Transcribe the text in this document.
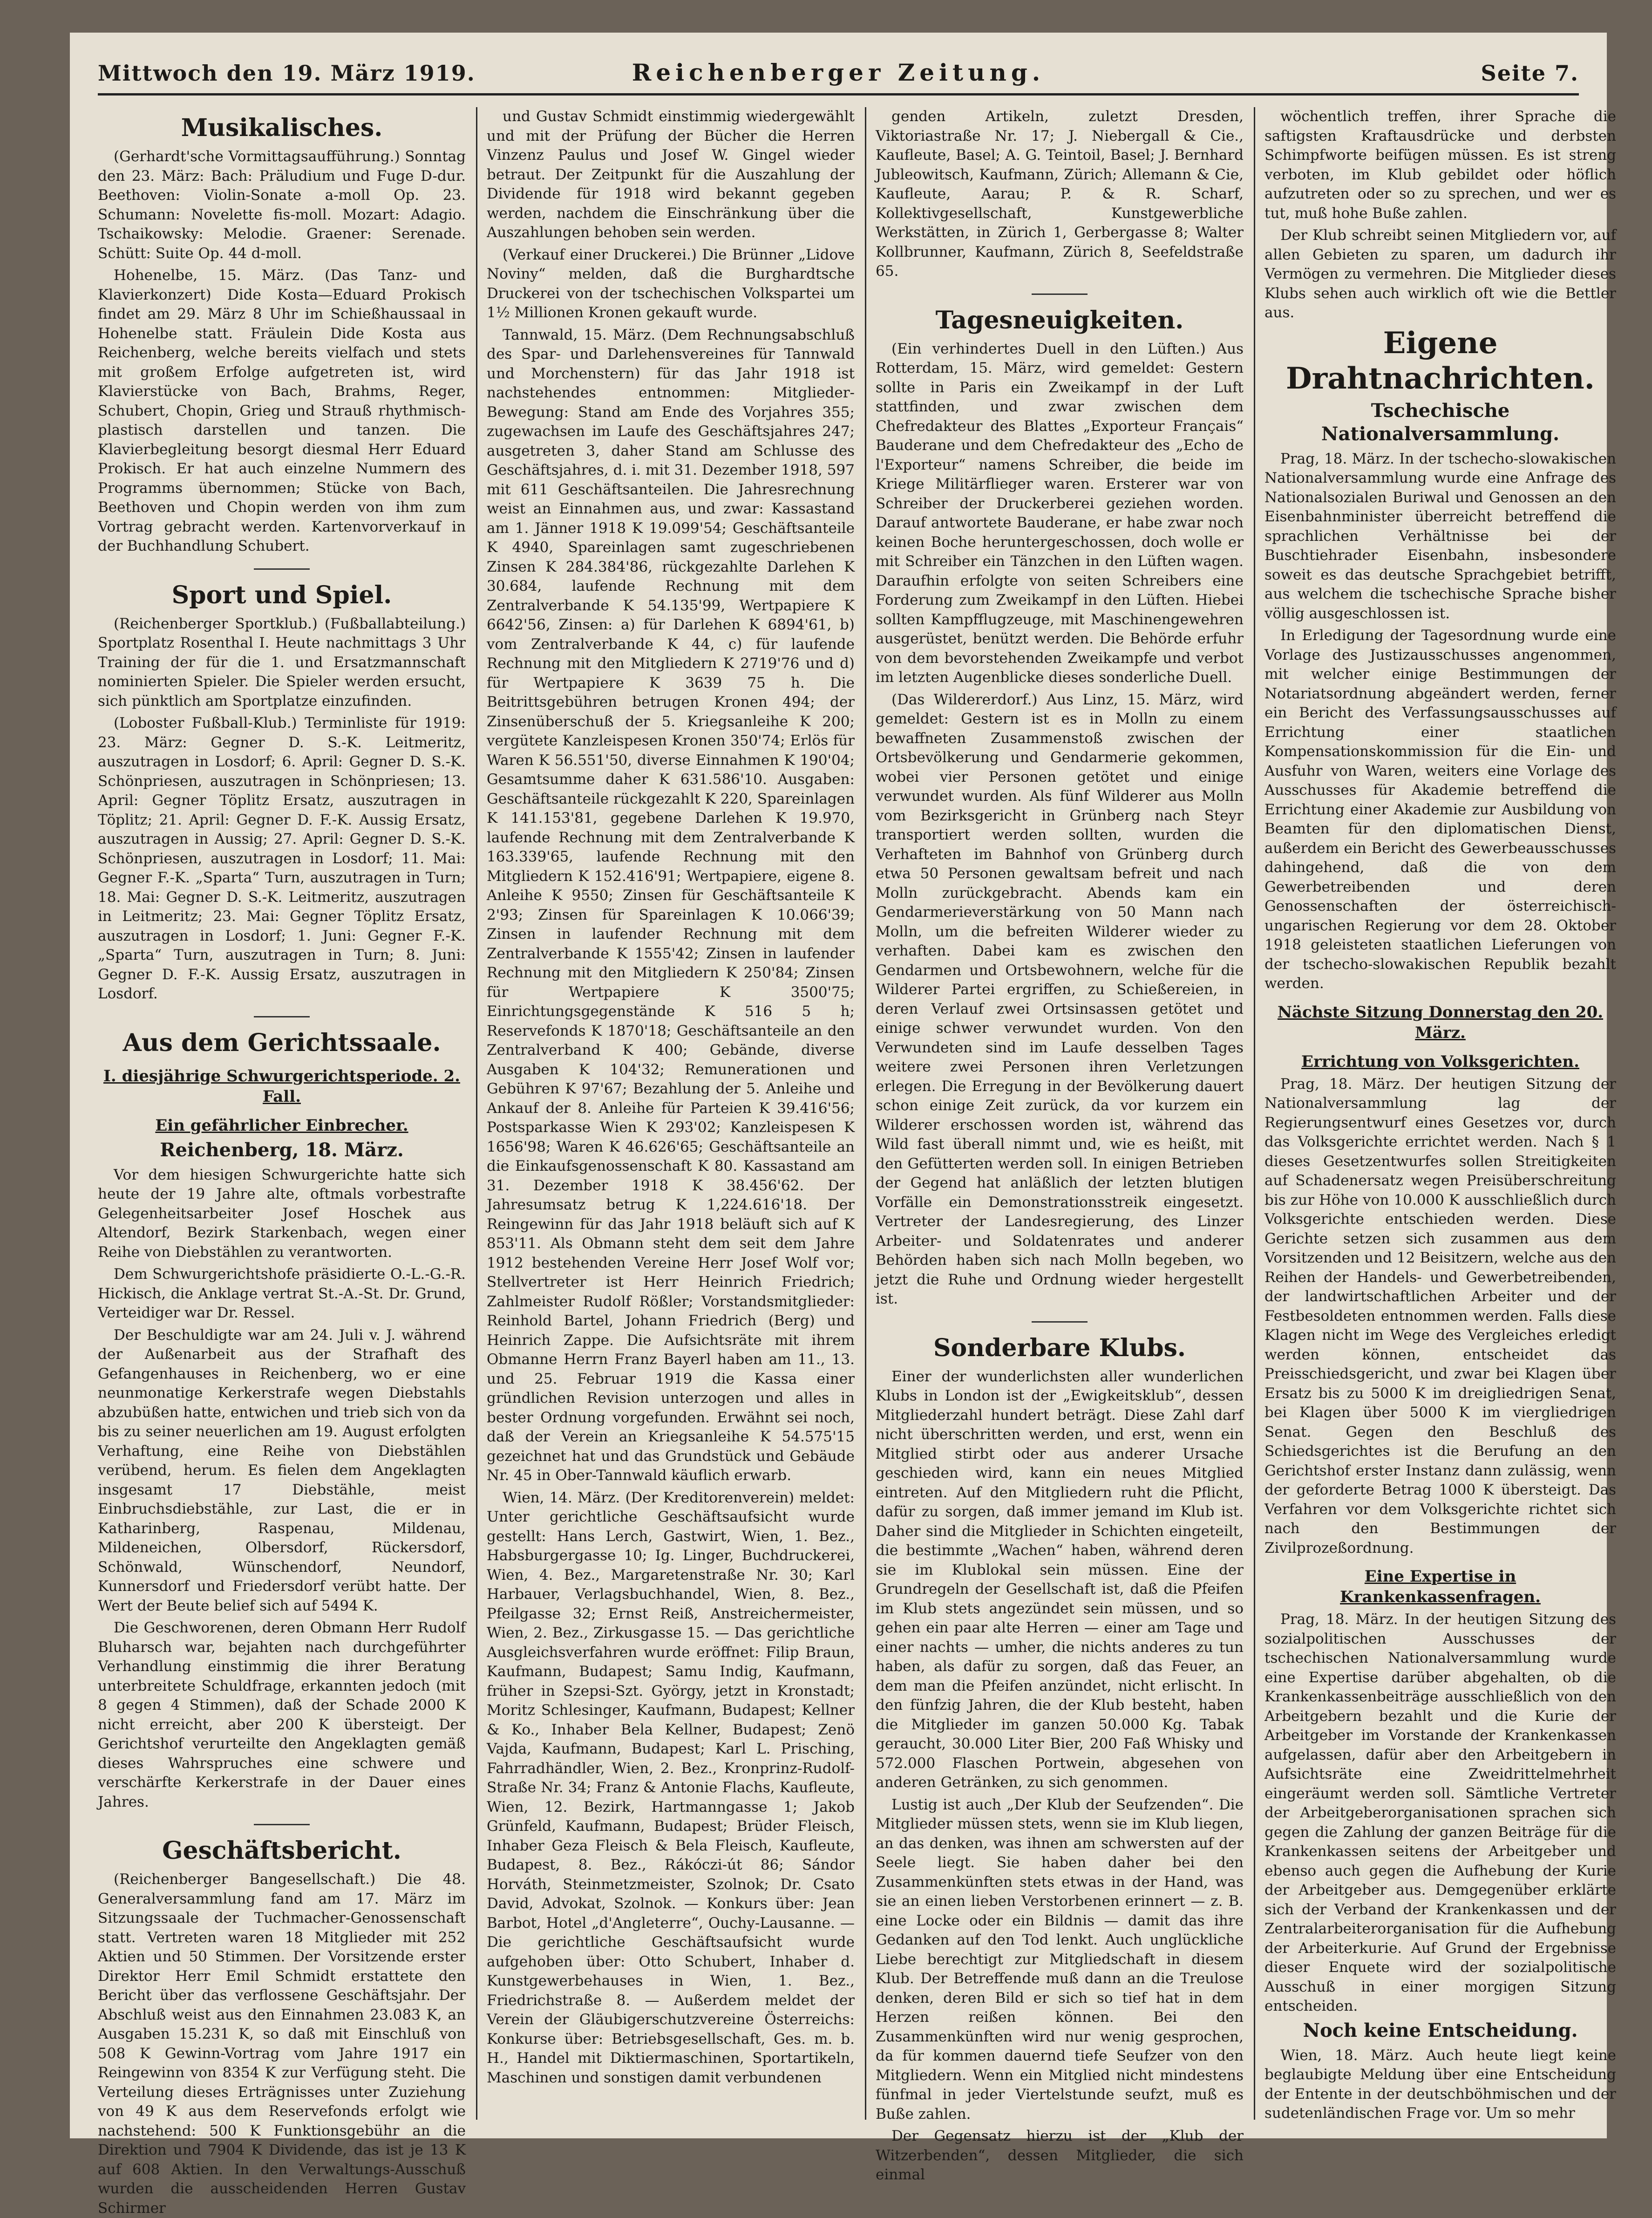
Mittwoch den 19. März 1919.	Reichenberger Zeitung.	Seite 7.
Musikalisches.

(Gerhardt'sche Vormittagsaufführung.) Sonntag den 23. März: Bach: Präludium und Fuge D-dur. Beethoven: Violin-Sonate a-moll Op. 23. Schumann: Novelette fis-moll. Mozart: Adagio. Tschaikowsky: Melodie. Graener: Serenade. Schütt: Suite Op. 44 d-moll.

Hohenelbe, 15. März. (Das Tanz- und Klavierkonzert) Dide Kosta—Eduard Prokisch findet am 29. März 8 Uhr im Schießhaussaal in Hohenelbe statt. Fräulein Dide Kosta aus Reichenberg, welche bereits vielfach und stets mit großem Erfolge aufgetreten ist, wird Klavierstücke von Bach, Brahms, Reger, Schubert, Chopin, Grieg und Strauß rhythmisch-plastisch darstellen und tanzen. Die Klavierbegleitung besorgt diesmal Herr Eduard Prokisch. Er hat auch einzelne Nummern des Programms übernommen; Stücke von Bach, Beethoven und Chopin werden von ihm zum Vortrag gebracht werden. Kartenvorverkauf in der Buchhandlung Schubert.

Sport und Spiel.

(Reichenberger Sportklub.) (Fußballabteilung.) Sportplatz Rosenthal I. Heute nachmittags 3 Uhr Training der für die 1. und Ersatzmannschaft nominierten Spieler. Die Spieler werden ersucht, sich pünktlich am Sportplatze einzufinden.

(Loboster Fußball-Klub.) Terminliste für 1919: 23. März: Gegner D. S.-K. Leitmeritz, auszutragen in Losdorf; 6. April: Gegner D. S.-K. Schönpriesen, auszutragen in Schönpriesen; 13. April: Gegner Töplitz Ersatz, auszutragen in Töplitz; 21. April: Gegner D. F.-K. Aussig Ersatz, auszutragen in Aussig; 27. April: Gegner D. S.-K. Schönpriesen, auszutragen in Losdorf; 11. Mai: Gegner F.-K. „Sparta“ Turn, auszutragen in Turn; 18. Mai: Gegner D. S.-K. Leitmeritz, auszutragen in Leitmeritz; 23. Mai: Gegner Töplitz Ersatz, auszutragen in Losdorf; 1. Juni: Gegner F.-K. „Sparta“ Turn, auszutragen in Turn; 8. Juni: Gegner D. F.-K. Aussig Ersatz, auszutragen in Losdorf.

Aus dem Gerichtssaale.
I. diesjährige Schwurgerichtsperiode. 2. Fall.
Ein gefährlicher Einbrecher.
Reichenberg, 18. März.

Vor dem hiesigen Schwurgerichte hatte sich heute der 19 Jahre alte, oftmals vorbestrafte Gelegenheitsarbeiter Josef Hoschek aus Altendorf, Bezirk Starkenbach, wegen einer Reihe von Diebstählen zu verantworten.

Dem Schwurgerichtshofe präsidierte O.-L.-G.-R. Hickisch, die Anklage vertrat St.-A.-St. Dr. Grund, Verteidiger war Dr. Ressel.

Der Beschuldigte war am 24. Juli v. J. während der Außenarbeit aus der Strafhaft des Gefangenhauses in Reichenberg, wo er eine neunmonatige Kerkerstrafe wegen Diebstahls abzubüßen hatte, entwichen und trieb sich von da bis zu seiner neuerlichen am 19. August erfolgten Verhaftung, eine Reihe von Diebstählen verübend, herum. Es fielen dem Angeklagten insgesamt 17 Diebstähle, meist Einbruchsdiebstähle, zur Last, die er in Katharinberg, Raspenau, Mildenau, Mildeneichen, Olbersdorf, Rückersdorf, Schönwald, Wünschendorf, Neundorf, Kunnersdorf und Friedersdorf verübt hatte. Der Wert der Beute belief sich auf 5494 K.

Die Geschworenen, deren Obmann Herr Rudolf Bluharsch war, bejahten nach durchgeführter Verhandlung einstimmig die ihrer Beratung unterbreitete Schuldfrage, erkannten jedoch (mit 8 gegen 4 Stimmen), daß der Schade 2000 K nicht erreicht, aber 200 K übersteigt. Der Gerichtshof verurteilte den Angeklagten gemäß dieses Wahrspruches eine schwere und verschärfte Kerkerstrafe in der Dauer eines Jahres.

Geschäftsbericht.

(Reichenberger Bangesellschaft.) Die 48. Generalversammlung fand am 17. März im Sitzungssaale der Tuchmacher-Genossenschaft statt. Vertreten waren 18 Mitglieder mit 252 Aktien und 50 Stimmen. Der Vorsitzende erster Direktor Herr Emil Schmidt erstattete den Bericht über das verflossene Geschäftsjahr. Der Abschluß weist aus den Einnahmen 23.083 K, an Ausgaben 15.231 K, so daß mit Einschluß von 508 K Gewinn-Vortrag vom Jahre 1917 ein Reingewinn von 8354 K zur Verfügung steht. Die Verteilung dieses Erträgnisses unter Zuziehung von 49 K aus dem Reservefonds erfolgt wie nachstehend: 500 K Funktionsgebühr an die Direktion und 7904 K Dividende, das ist je 13 K auf 608 Aktien. In den Verwaltungs-Ausschuß wurden die ausscheidenden Herren Gustav Schirmer

und Gustav Schmidt einstimmig wiedergewählt und mit der Prüfung der Bücher die Herren Vinzenz Paulus und Josef W. Gingel wieder betraut. Der Zeitpunkt für die Auszahlung der Dividende für 1918 wird bekannt gegeben werden, nachdem die Einschränkung über die Auszahlungen behoben sein werden.

(Verkauf einer Druckerei.) Die Brünner „Lidove Noviny“ melden, daß die Burghardtsche Druckerei von der tschechischen Volkspartei um 1½ Millionen Kronen gekauft wurde.

Tannwald, 15. März. (Dem Rechnungsabschluß des Spar- und Darlehensvereines für Tannwald und Morchenstern) für das Jahr 1918 ist nachstehendes entnommen: Mitglieder-Bewegung: Stand am Ende des Vorjahres 355; zugewachsen im Laufe des Geschäftsjahres 247; ausgetreten 3, daher Stand am Schlusse des Geschäftsjahres, d. i. mit 31. Dezember 1918, 597 mit 611 Geschäftsanteilen. Die Jahresrechnung weist an Einnahmen aus, und zwar: Kassastand am 1. Jänner 1918 K 19.099'54; Geschäftsanteile K 4940, Spareinlagen samt zugeschriebenen Zinsen K 284.384'86, rückgezahlte Darlehen K 30.684, laufende Rechnung mit dem Zentralverbande K 54.135'99, Wertpapiere K 6642'56, Zinsen: a) für Darlehen K 6894'61, b) vom Zentralverbande K 44, c) für laufende Rechnung mit den Mitgliedern K 2719'76 und d) für Wertpapiere K 3639 75 h. Die Beitrittsgebühren betrugen Kronen 494; der Zinsenüberschuß der 5. Kriegsanleihe K 200; vergütete Kanzleispesen Kronen 350'74; Erlös für Waren K 56.551'50, diverse Einnahmen K 190'04; Gesamtsumme daher K 631.586'10. Ausgaben: Geschäftsanteile rückgezahlt K 220, Spareinlagen K 141.153'81, gegebene Darlehen K 19.970, laufende Rechnung mit dem Zentralverbande K 163.339'65, laufende Rechnung mit den Mitgliedern K 152.416'91; Wertpapiere, eigene 8. Anleihe K 9550; Zinsen für Geschäftsanteile K 2'93; Zinsen für Spareinlagen K 10.066'39; Zinsen in laufender Rechnung mit dem Zentralverbande K 1555'42; Zinsen in laufender Rechnung mit den Mitgliedern K 250'84; Zinsen für Wertpapiere K 3500'75; Einrichtungsgegenstände K 516 5 h; Reservefonds K 1870'18; Geschäftsanteile an den Zentralverband K 400; Gebände, diverse Ausgaben K 104'32; Remunerationen und Gebühren K 97'67; Bezahlung der 5. Anleihe und Ankauf der 8. Anleihe für Parteien K 39.416'56; Postsparkasse Wien K 293'02; Kanzleispesen K 1656'98; Waren K 46.626'65; Geschäftsanteile an die Einkaufsgenossenschaft K 80. Kassastand am 31. Dezember 1918 K 38.456'62. Der Jahresumsatz betrug K 1,224.616'18. Der Reingewinn für das Jahr 1918 beläuft sich auf K 853'11. Als Obmann steht dem seit dem Jahre 1912 bestehenden Vereine Herr Josef Wolf vor; Stellvertreter ist Herr Heinrich Friedrich; Zahlmeister Rudolf Rößler; Vorstandsmitglieder: Reinhold Bartel, Johann Friedrich (Berg) und Heinrich Zappe. Die Aufsichtsräte mit ihrem Obmanne Herrn Franz Bayerl haben am 11., 13. und 25. Februar 1919 die Kassa einer gründlichen Revision unterzogen und alles in bester Ordnung vorgefunden. Erwähnt sei noch, daß der Verein an Kriegsanleihe K 54.575'15 gezeichnet hat und das Grundstück und Gebäude Nr. 45 in Ober-Tannwald käuflich erwarb.

Wien, 14. März. (Der Kreditorenverein) meldet: Unter gerichtliche Geschäftsaufsicht wurde gestellt: Hans Lerch, Gastwirt, Wien, 1. Bez., Habsburgergasse 10; Ig. Linger, Buchdruckerei, Wien, 4. Bez., Margaretenstraße Nr. 30; Karl Harbauer, Verlagsbuchhandel, Wien, 8. Bez., Pfeilgasse 32; Ernst Reiß, Anstreichermeister, Wien, 2. Bez., Zirkusgasse 15. — Das gerichtliche Ausgleichsverfahren wurde eröffnet: Filip Braun, Kaufmann, Budapest; Samu Indig, Kaufmann, früher in Szepsi-Szt. György, jetzt in Kronstadt; Moritz Schlesinger, Kaufmann, Budapest; Kellner & Ko., Inhaber Bela Kellner, Budapest; Zenö Vajda, Kaufmann, Budapest; Karl L. Prisching, Fahrradhändler, Wien, 2. Bez., Kronprinz-Rudolf-Straße Nr. 34; Franz & Antonie Flachs, Kaufleute, Wien, 12. Bezirk, Hartmanngasse 1; Jakob Grünfeld, Kaufmann, Budapest; Brüder Fleisch, Inhaber Geza Fleisch & Bela Fleisch, Kaufleute, Budapest, 8. Bez., Rákóczi-út 86; Sándor Horváth, Steinmetzmeister, Szolnok; Dr. Csato David, Advokat, Szolnok. — Konkurs über: Jean Barbot, Hotel „d'Angleterre“, Ouchy-Lausanne. — Die gerichtliche Geschäftsaufsicht wurde aufgehoben über: Otto Schubert, Inhaber d. Kunstgewerbehauses in Wien, 1. Bez., Friedrichstraße 8. — Außerdem meldet der Verein der Gläubigerschutzvereine Österreichs: Konkurse über: Betriebsgesellschaft, Ges. m. b. H., Handel mit Diktiermaschinen, Sportartikeln, Maschinen und sonstigen damit verbundenen

genden Artikeln, zuletzt Dresden, Viktoriastraße Nr. 17; J. Niebergall & Cie., Kaufleute, Basel; A. G. Teintoil, Basel; J. Bernhard Jubleowitsch, Kaufmann, Zürich; Allemann & Cie, Kaufleute, Aarau; P. & R. Scharf, Kollektivgesellschaft, Kunstgewerbliche Werkstätten, in Zürich 1, Gerbergasse 8; Walter Kollbrunner, Kaufmann, Zürich 8, Seefeldstraße 65.

Tagesneuigkeiten.

(Ein verhindertes Duell in den Lüften.) Aus Rotterdam, 15. März, wird gemeldet: Gestern sollte in Paris ein Zweikampf in der Luft stattfinden, und zwar zwischen dem Chefredakteur des Blattes „Exporteur Français“ Bauderane und dem Chefredakteur des „Echo de l'Exporteur“ namens Schreiber, die beide im Kriege Militärflieger waren. Ersterer war von Schreiber der Druckerberei geziehen worden. Darauf antwortete Bauderane, er habe zwar noch keinen Boche heruntergeschossen, doch wolle er mit Schreiber ein Tänzchen in den Lüften wagen. Daraufhin erfolgte von seiten Schreibers eine Forderung zum Zweikampf in den Lüften. Hiebei sollten Kampfflugzeuge, mit Maschinengewehren ausgerüstet, benützt werden. Die Behörde erfuhr von dem bevorstehenden Zweikampfe und verbot im letzten Augenblicke dieses sonderliche Duell.

(Das Wildererdorf.) Aus Linz, 15. März, wird gemeldet: Gestern ist es in Molln zu einem bewaffneten Zusammenstoß zwischen der Ortsbevölkerung und Gendarmerie gekommen, wobei vier Personen getötet und einige verwundet wurden. Als fünf Wilderer aus Molln vom Bezirksgericht in Grünberg nach Steyr transportiert werden sollten, wurden die Verhafteten im Bahnhof von Grünberg durch etwa 50 Personen gewaltsam befreit und nach Molln zurückgebracht. Abends kam ein Gendarmerieverstärkung von 50 Mann nach Molln, um die befreiten Wilderer wieder zu verhaften. Dabei kam es zwischen den Gendarmen und Ortsbewohnern, welche für die Wilderer Partei ergriffen, zu Schießereien, in deren Verlauf zwei Ortsinsassen getötet und einige schwer verwundet wurden. Von den Verwundeten sind im Laufe desselben Tages weitere zwei Personen ihren Verletzungen erlegen. Die Erregung in der Bevölkerung dauert schon einige Zeit zurück, da vor kurzem ein Wilderer erschossen worden ist, während das Wild fast überall nimmt und, wie es heißt, mit den Gefütterten werden soll. In einigen Betrieben der Gegend hat anläßlich der letzten blutigen Vorfälle ein Demonstrationsstreik eingesetzt. Vertreter der Landesregierung, des Linzer Arbeiter- und Soldatenrates und anderer Behörden haben sich nach Molln begeben, wo jetzt die Ruhe und Ordnung wieder hergestellt ist.

Sonderbare Klubs.

Einer der wunderlichsten aller wunderlichen Klubs in London ist der „Ewigkeitsklub“, dessen Mitgliederzahl hundert beträgt. Diese Zahl darf nicht überschritten werden, und erst, wenn ein Mitglied stirbt oder aus anderer Ursache geschieden wird, kann ein neues Mitglied eintreten. Auf den Mitgliedern ruht die Pflicht, dafür zu sorgen, daß immer jemand im Klub ist. Daher sind die Mitglieder in Schichten eingeteilt, die bestimmte „Wachen“ haben, während deren sie im Klublokal sein müssen. Eine der Grundregeln der Gesellschaft ist, daß die Pfeifen im Klub stets angezündet sein müssen, und so gehen ein paar alte Herren — einer am Tage und einer nachts — umher, die nichts anderes zu tun haben, als dafür zu sorgen, daß das Feuer, an dem man die Pfeifen anzündet, nicht erlischt. In den fünfzig Jahren, die der Klub besteht, haben die Mitglieder im ganzen 50.000 Kg. Tabak geraucht, 30.000 Liter Bier, 200 Faß Whisky und 572.000 Flaschen Portwein, abgesehen von anderen Getränken, zu sich genommen.

Lustig ist auch „Der Klub der Seufzenden“. Die Mitglieder müssen stets, wenn sie im Klub liegen, an das denken, was ihnen am schwersten auf der Seele liegt. Sie haben daher bei den Zusammenkünften stets etwas in der Hand, was sie an einen lieben Verstorbenen erinnert — z. B. eine Locke oder ein Bildnis — damit das ihre Gedanken auf den Tod lenkt. Auch unglückliche Liebe berechtigt zur Mitgliedschaft in diesem Klub. Der Betreffende muß dann an die Treulose denken, deren Bild er sich so tief hat in dem Herzen reißen können. Bei den Zusammenkünften wird nur wenig gesprochen, da für kommen dauernd tiefe Seufzer von den Mitgliedern. Wenn ein Mitglied nicht mindestens fünfmal in jeder Viertelstunde seufzt, muß es Buße zahlen.

Der Gegensatz hierzu ist der „Klub der Witzerbenden“, dessen Mitglieder, die sich einmal

wöchentlich treffen, ihrer Sprache die saftigsten Kraftausdrücke und derbsten Schimpfworte beifügen müssen. Es ist streng verboten, im Klub gebildet oder höflich aufzutreten oder so zu sprechen, und wer es tut, muß hohe Buße zahlen.

Der Klub schreibt seinen Mitgliedern vor, auf allen Gebieten zu sparen, um dadurch ihr Vermögen zu vermehren. Die Mitglieder dieses Klubs sehen auch wirklich oft wie die Bettler aus.

Eigene Drahtnachrichten.
Tschechische Nationalversammlung.

Prag, 18. März. In der tschecho-slowakischen Nationalversammlung wurde eine Anfrage des Nationalsozialen Buriwal und Genossen an den Eisenbahnminister überreicht betreffend die sprachlichen Verhältnisse bei der Buschtiehrader Eisenbahn, insbesondere soweit es das deutsche Sprachgebiet betrifft, aus welchem die tschechische Sprache bisher völlig ausgeschlossen ist.

In Erledigung der Tagesordnung wurde eine Vorlage des Justizausschusses angenommen, mit welcher einige Bestimmungen der Notariatsordnung abgeändert werden, ferner ein Bericht des Verfassungsausschusses auf Errichtung einer staatlichen Kompensationskommission für die Ein- und Ausfuhr von Waren, weiters eine Vorlage des Ausschusses für Akademie betreffend die Errichtung einer Akademie zur Ausbildung von Beamten für den diplomatischen Dienst, außerdem ein Bericht des Gewerbeausschusses dahingehend, daß die von dem Gewerbetreibenden und deren Genossenschaften der österreichisch-ungarischen Regierung vor dem 28. Oktober 1918 geleisteten staatlichen Lieferungen von der tschecho-slowakischen Republik bezahlt werden.

Nächste Sitzung Donnerstag den 20. März.
Errichtung von Volksgerichten.

Prag, 18. März. Der heutigen Sitzung der Nationalversammlung lag der Regierungsentwurf eines Gesetzes vor, durch das Volksgerichte errichtet werden. Nach § 1 dieses Gesetzentwurfes sollen Streitigkeiten auf Schadenersatz wegen Preisüberschreitung bis zur Höhe von 10.000 K ausschließlich durch Volksgerichte entschieden werden. Diese Gerichte setzen sich zusammen aus dem Vorsitzenden und 12 Beisitzern, welche aus den Reihen der Handels- und Gewerbetreibenden, der landwirtschaftlichen Arbeiter und der Festbesoldeten entnommen werden. Falls diese Klagen nicht im Wege des Vergleiches erledigt werden können, entscheidet das Preisschiedsgericht, und zwar bei Klagen über Ersatz bis zu 5000 K im dreigliedrigen Senat, bei Klagen über 5000 K im viergliedrigen Senat. Gegen den Beschluß des Schiedsgerichtes ist die Berufung an den Gerichtshof erster Instanz dann zulässig, wenn der geforderte Betrag 1000 K übersteigt. Das Verfahren vor dem Volksgerichte richtet sich nach den Bestimmungen der Zivilprozeßordnung.

Eine Expertise in Krankenkassenfragen.

Prag, 18. März. In der heutigen Sitzung des sozialpolitischen Ausschusses der tschechischen Nationalversammlung wurde eine Expertise darüber abgehalten, ob die Krankenkassenbeiträge ausschließlich von den Arbeitgebern bezahlt und die Kurie der Arbeitgeber im Vorstande der Krankenkassen aufgelassen, dafür aber den Arbeitgebern in Aufsichtsräte eine Zweidrittelmehrheit eingeräumt werden soll. Sämtliche Vertreter der Arbeitgeberorganisationen sprachen sich gegen die Zahlung der ganzen Beiträge für die Krankenkassen seitens der Arbeitgeber und ebenso auch gegen die Aufhebung der Kurie der Arbeitgeber aus. Demgegenüber erklärte sich der Verband der Krankenkassen und der Zentralarbeiterorganisation für die Aufhebung der Arbeiterkurie. Auf Grund der Ergebnisse dieser Enquete wird der sozialpolitische Ausschuß in einer morgigen Sitzung entscheiden.

Noch keine Entscheidung.

Wien, 18. März. Auch heute liegt keine beglaubigte Meldung über eine Entscheidung der Entente in der deutschböhmischen und der sudetenländischen Frage vor. Um so mehr
